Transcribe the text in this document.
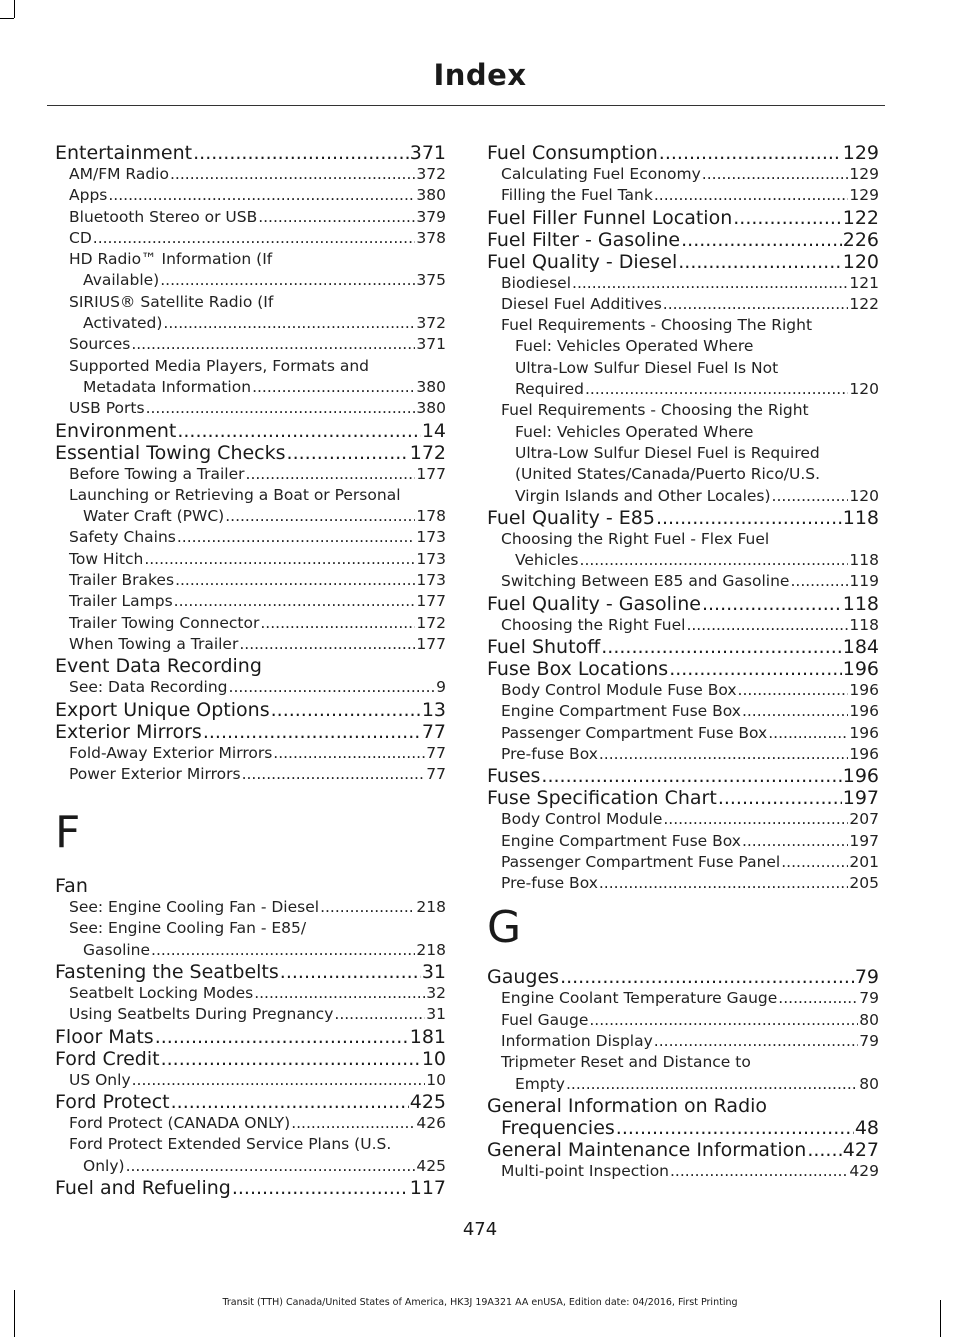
Index
Entertainment .....	371
AM/FM Radio .....	372
Apps .....	380
Bluetooth Stereo or USB .....	379
CD .....	378
HD Radio™ Information (If
Available) .....	375
SIRIUS® Satellite Radio (If
Activated) .....	372
Sources .....	371
Supported Media Players, Formats and
Metadata Information .....	380
USB Ports .....	380
Environment .....	14
Essential Towing Checks .....	172
Before Towing a Trailer .....	177
Launching or Retrieving a Boat or Personal
Water Craft (PWC) .....	178
Safety Chains .....	173
Tow Hitch .....	173
Trailer Brakes .....	173
Trailer Lamps .....	177
Trailer Towing Connector .....	172
When Towing a Trailer .....	177
Event Data Recording
See: Data Recording .....	9
Export Unique Options .....	13
Exterior Mirrors .....	77
Fold-Away Exterior Mirrors .....	77
Power Exterior Mirrors .....	77
F
Fan
See: Engine Cooling Fan - Diesel .....	218
See: Engine Cooling Fan - E85/
Gasoline .....	218
Fastening the Seatbelts .....	31
Seatbelt Locking Modes .....	32
Using Seatbelts During Pregnancy .....	31
Floor Mats .....	181
Ford Credit .....	10
US Only .....	10
Ford Protect .....	425
Ford Protect (CANADA ONLY) .....	426
Ford Protect Extended Service Plans (U.S.
Only) .....	425
Fuel and Refueling .....	117
Fuel Consumption .....	129
Calculating Fuel Economy .....	129
Filling the Fuel Tank .....	129
Fuel Filler Funnel Location .....	122
Fuel Filter - Gasoline .....	226
Fuel Quality - Diesel .....	120
Biodiesel .....	121
Diesel Fuel Additives .....	122
Fuel Requirements - Choosing The Right
Fuel: Vehicles Operated Where
Ultra-Low Sulfur Diesel Fuel Is Not
Required .....	120
Fuel Requirements - Choosing the Right
Fuel: Vehicles Operated Where
Ultra-Low Sulfur Diesel Fuel is Required
(United States/Canada/Puerto Rico/U.S.
Virgin Islands and Other Locales) .....	120
Fuel Quality - E85 .....	118
Choosing the Right Fuel - Flex Fuel
Vehicles .....	118
Switching Between E85 and Gasoline .....	119
Fuel Quality - Gasoline .....	118
Choosing the Right Fuel .....	118
Fuel Shutoff .....	184
Fuse Box Locations .....	196
Body Control Module Fuse Box .....	196
Engine Compartment Fuse Box .....	196
Passenger Compartment Fuse Box .....	196
Pre-fuse Box .....	196
Fuses .....	196
Fuse Specification Chart .....	197
Body Control Module .....	207
Engine Compartment Fuse Box .....	197
Passenger Compartment Fuse Panel .....	201
Pre-fuse Box .....	205
G
Gauges .....	79
Engine Coolant Temperature Gauge .....	79
Fuel Gauge .....	80
Information Display .....	79
Tripmeter Reset and Distance to
Empty .....	80
General Information on Radio
Frequencies .....	48
General Maintenance Information ..... 427
Multi-point Inspection .....	429
474
Transit (TTH) Canada/United States of America, HK3J 19A321 AA enUSA, Edition date: 04/2016, First Printing
